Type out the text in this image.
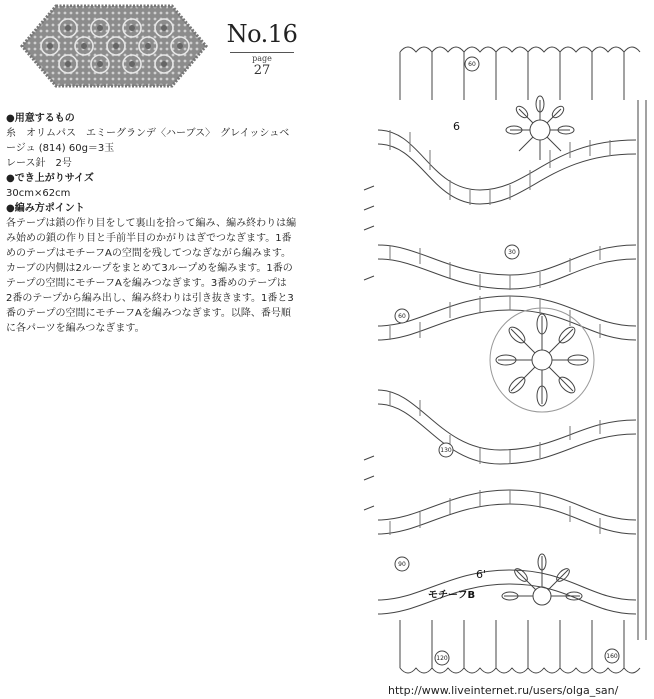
No.16
page
27
●用意するもの
糸　オリムパス　エミーグランデ〈ハーブス〉　グレイッシュベ
ージュ (814) 60g＝3玉
レース針　2号
●でき上がりサイズ
30cm×62cm
●編み方ポイント
各テープは鎖の作り目をして裏山を拾って編み、編み終わりは編
み始めの鎖の作り目と手前半目のかがりはぎでつなぎます。1番
めのテープはモチーフAの空間を残してつなぎながら編みます。
カーブの内側は2ループをまとめて3ループめを編みます。1番の
テープの空間にモチーフAを編みつなぎます。3番めのテープは
2番のテープから編み出し、編み終わりは引き抜きます。1番と3
番のテープの空間にモチーフAを編みつなぎます。以降、番号順
に各パーツを編みつなぎます。
60
30
60
130
90
120	160
6
6'
モチーフB
http://www.liveinternet.ru/users/olga_san/
